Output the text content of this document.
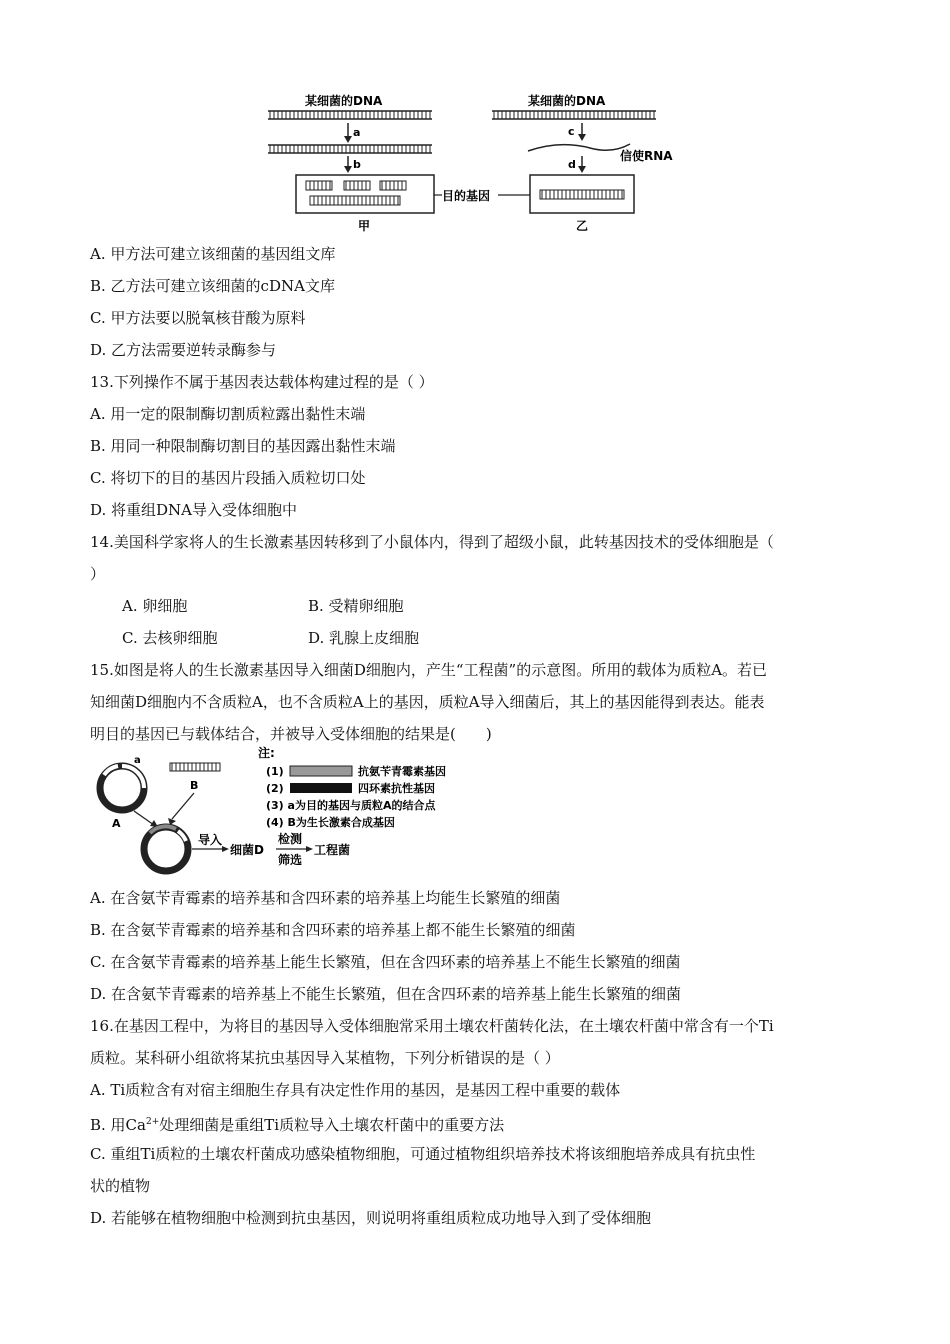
某细菌的DNA
a
b
甲
目的基因
某细菌的DNA
c
信使RNA
d
乙
A. 甲方法可建立该细菌的基因组文库
B. 乙方法可建立该细菌的cDNA文库
C. 甲方法要以脱氧核苷酸为原料
D. 乙方法需要逆转录酶参与
13.下列操作不属于基因表达载体构建过程的是（ ）
A. 用一定的限制酶切割质粒露出黏性末端
B. 用同一种限制酶切割目的基因露出黏性末端
C. 将切下的目的基因片段插入质粒切口处
D. 将重组DNA导入受体细胞中
14.美国科学家将人的生长激素基因转移到了小鼠体内，得到了超级小鼠，此转基因技术的受体细胞是（
）
A. 卵细胞	B. 受精卵细胞
C. 去核卵细胞	D. 乳腺上皮细胞
15.如图是将人的生长激素基因导入细菌D细胞内，产生“工程菌”的示意图。所用的载体为质粒A。若已
知细菌D细胞内不含质粒A，也不含质粒A上的基因，质粒A导入细菌后，其上的基因能得到表达。能表
明目的基因已与载体结合，并被导入受体细胞的结果是(　　)
a
A
B
导入
细菌D
检测
筛选
工程菌
注:
(1)	抗氨苄青霉素基因
(2)	四环素抗性基因
(3) a为目的基因与质粒A的结合点
(4) B为生长激素合成基因
A. 在含氨苄青霉素的培养基和含四环素的培养基上均能生长繁殖的细菌
B. 在含氨苄青霉素的培养基和含四环素的培养基上都不能生长繁殖的细菌
C. 在含氨苄青霉素的培养基上能生长繁殖，但在含四环素的培养基上不能生长繁殖的细菌
D. 在含氨苄青霉素的培养基上不能生长繁殖，但在含四环素的培养基上能生长繁殖的细菌
16.在基因工程中，为将目的基因导入受体细胞常采用土壤农杆菌转化法，在土壤农杆菌中常含有一个Ti
质粒。某科研小组欲将某抗虫基因导入某植物，下列分析错误的是（ ）
A. Ti质粒含有对宿主细胞生存具有决定性作用的基因，是基因工程中重要的载体
B. 用$Ca^{2+}$处理细菌是重组Ti质粒导入土壤农杆菌中的重要方法
C. 重组Ti质粒的土壤农杆菌成功感染植物细胞，可通过植物组织培养技术将该细胞培养成具有抗虫性
状的植物
D. 若能够在植物细胞中检测到抗虫基因，则说明将重组质粒成功地导入到了受体细胞
